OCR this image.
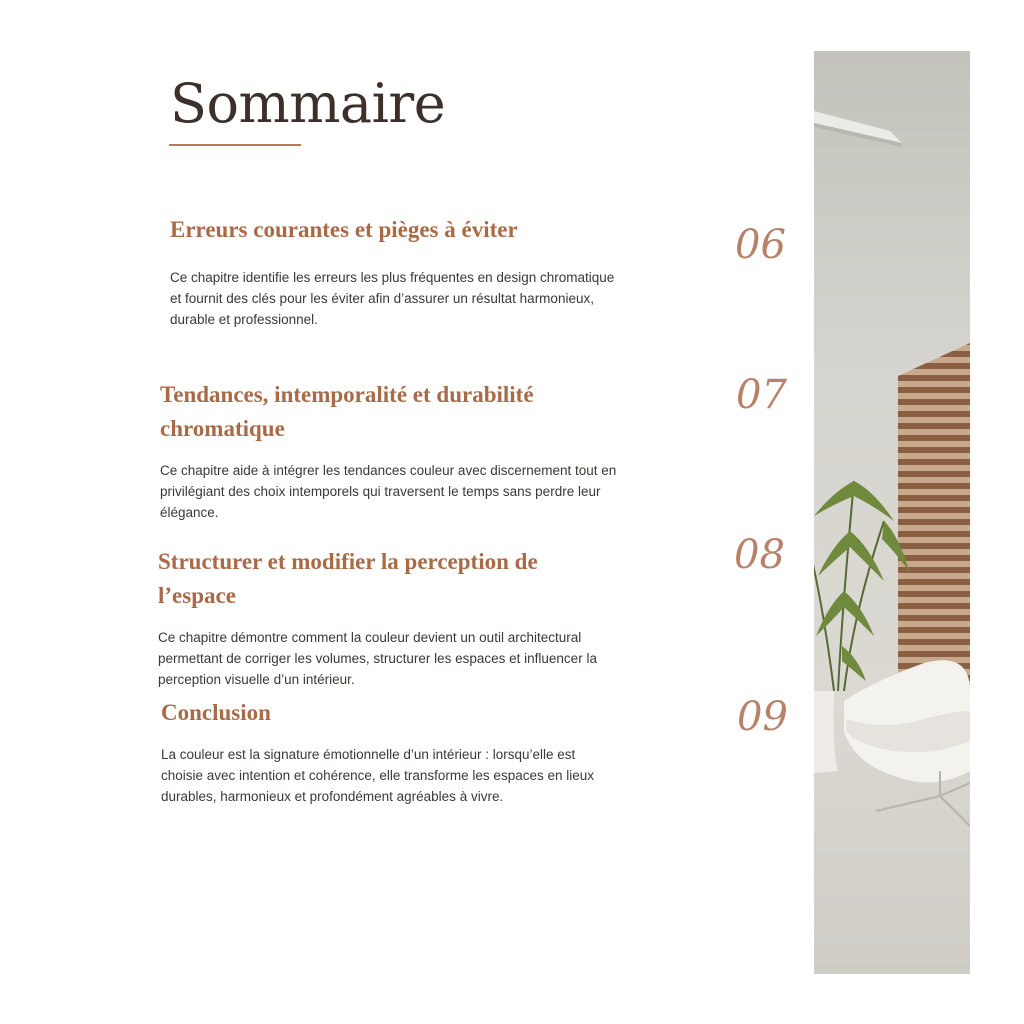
Sommaire
Erreurs courantes et pièges à éviter

Ce chapitre identifie les erreurs les plus fréquentes en design chromatique et fournit des clés pour les éviter afin d’assurer un résultat harmonieux, durable et professionnel.

06
Tendances, intemporalité et durabilité chromatique

Ce chapitre aide à intégrer les tendances couleur avec discernement tout en privilégiant des choix intemporels qui traversent le temps sans perdre leur élégance.

07
Structurer et modifier la perception de l’espace

Ce chapitre démontre comment la couleur devient un outil architectural permettant de corriger les volumes, structurer les espaces et influencer la perception visuelle d’un intérieur.

08
Conclusion

La couleur est la signature émotionnelle d’un intérieur : lorsqu’elle est choisie avec intention et cohérence, elle transforme les espaces en lieux durables, harmonieux et profondément agréables à vivre.

09
